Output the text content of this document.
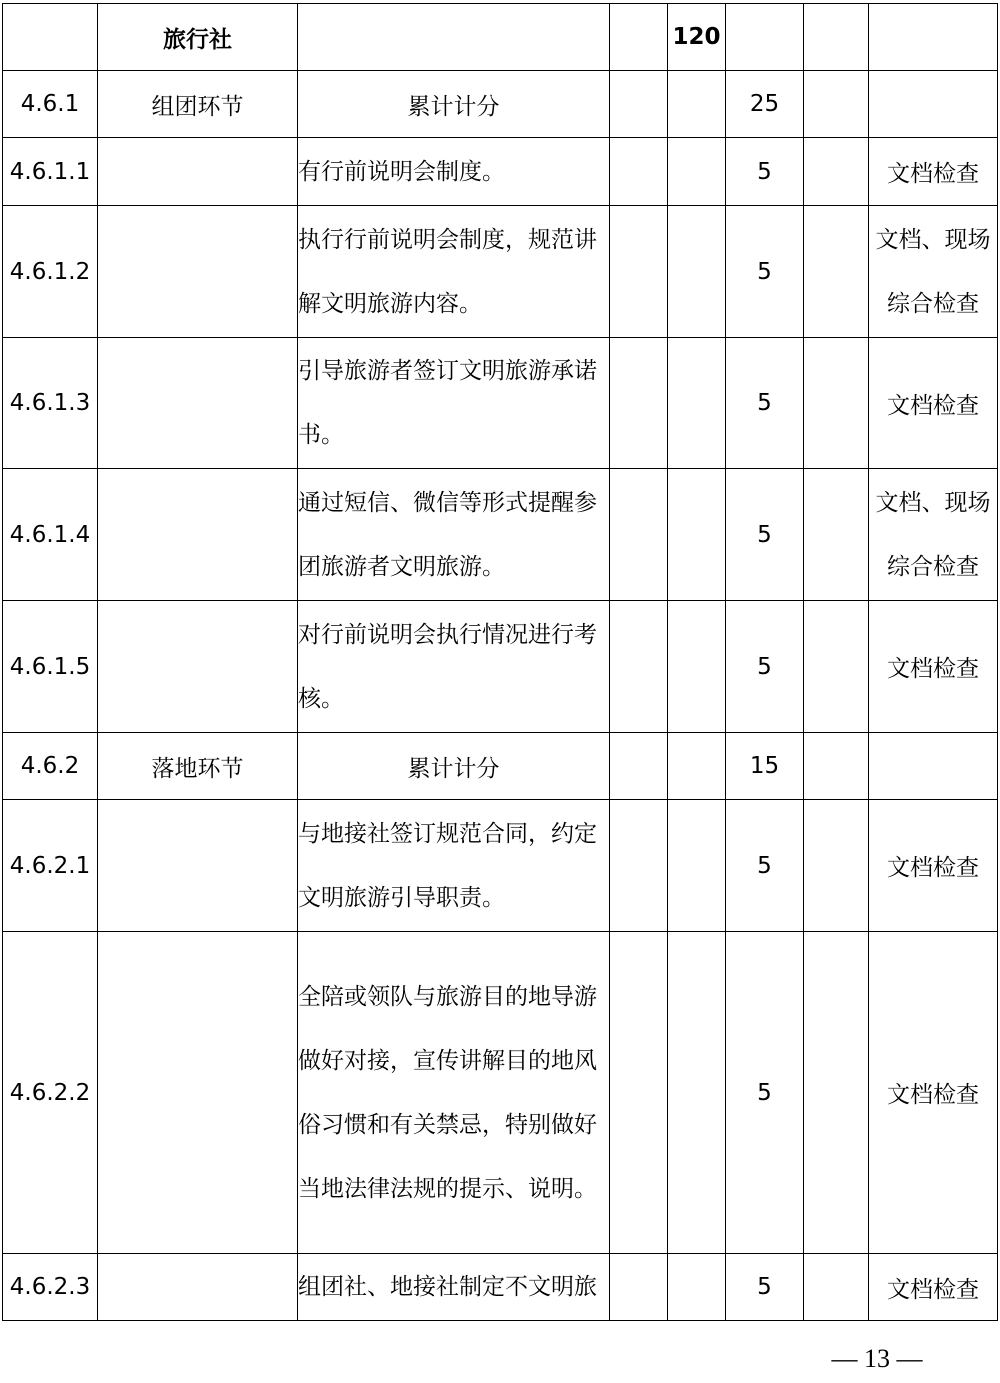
	旅行社			120			
4.6.1	组团环节	累计计分			25		
4.6.1.1		有行前说明会制度。			5		文档检查
4.6.1.2		执行行前说明会制度，规范讲解文明旅游内容。			5		文档、现场综合检查
4.6.1.3		引导旅游者签订文明旅游承诺书。			5		文档检查
4.6.1.4		通过短信、微信等形式提醒参团旅游者文明旅游。			5		文档、现场综合检查
4.6.1.5		对行前说明会执行情况进行考核。			5		文档检查
4.6.2	落地环节	累计计分			15		
4.6.2.1		与地接社签订规范合同，约定文明旅游引导职责。			5		文档检查
4.6.2.2		全陪或领队与旅游目的地导游做好对接，宣传讲解目的地风俗习惯和有关禁忌，特别做好当地法律法规的提示、说明。			5		文档检查
4.6.2.3		组团社、地接社制定不文明旅			5		文档检查
— 13 —
